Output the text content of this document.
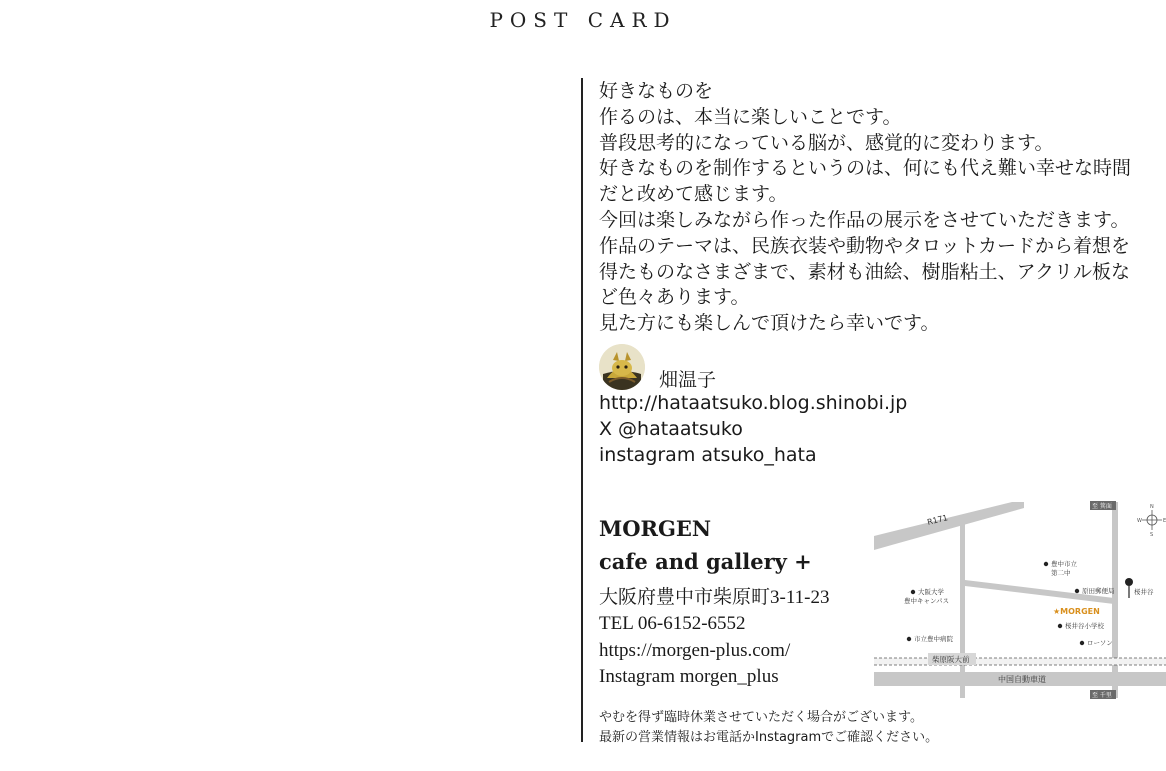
POST CARD
好きなものを
作るのは、本当に楽しいことです。
普段思考的になっている脳が、感覚的に変わります。
好きなものを制作するというのは、何にも代え難い幸せな時間
だと改めて感じます。
今回は楽しみながら作った作品の展示をさせていただきます。
作品のテーマは、民族衣装や動物やタロットカードから着想を
得たものなさまざまで、素材も油絵、樹脂粘土、アクリル板な
ど色々あります。
見た方にも楽しんで頂けたら幸いです。
畑温子
http://hataatsuko.blog.shinobi.jp
X @hataatsuko
instagram atsuko_hata
MORGEN
cafe and gallery +
大阪府豊中市柴原町3-11-23
TEL 06-6152-6552
https://morgen-plus.com/
Instagram morgen_plus
R171
柴原阪大前
中国自動車道
至 箕面
至 千里
N
S
W	E
豊中市立
第二中
大阪大学
豊中キャンパス
原田郵便局	桜井谷
★MORGEN
桜井谷小学校
市立豊中病院	ローソン
やむを得ず臨時休業させていただく場合がございます。
最新の営業情報はお電話かInstagramでご確認ください。
